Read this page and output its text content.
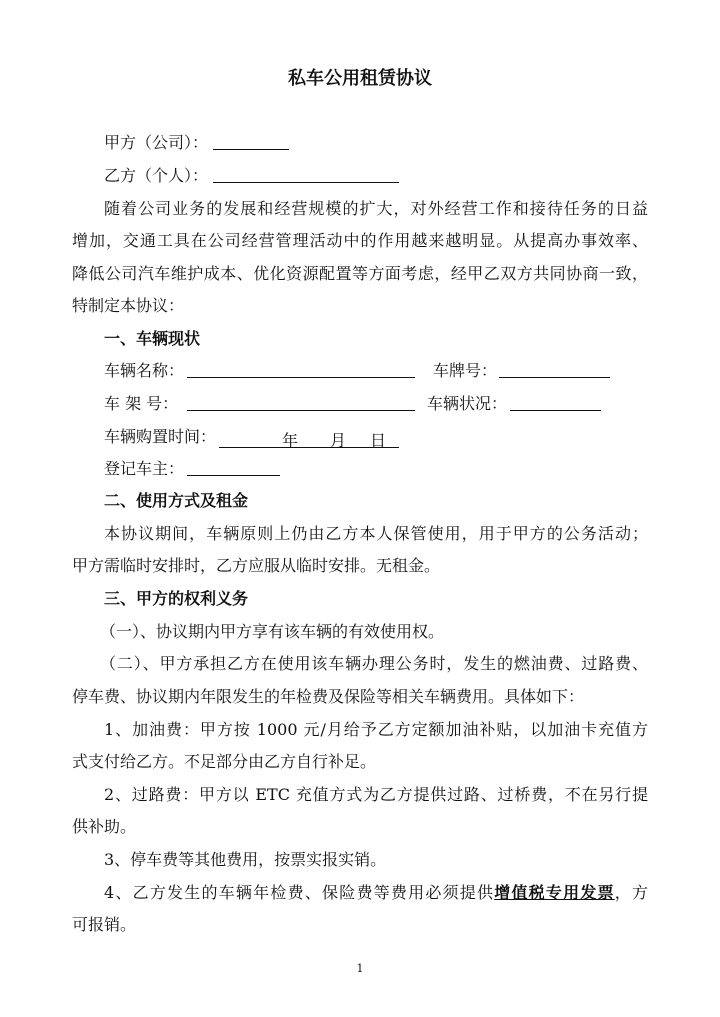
私车公用租赁协议
甲方（公司）：
乙方（个人）：
随着公司业务的发展和经营规模的扩大，对外经营工作和接待任务的日益
增加，交通工具在公司经营管理活动中的作用越来越明显。从提高办事效率、
降低公司汽车维护成本、优化资源配置等方面考虑，经甲乙双方共同协商一致，
特制定本协议：
一、车辆现状
车辆名称：	车牌号：
车 架 号：	车辆状况：
车辆购置时间：	年 月 日
登记车主：
二、使用方式及租金
本协议期间，车辆原则上仍由乙方本人保管使用，用于甲方的公务活动；
甲方需临时安排时，乙方应服从临时安排。无租金。
三、甲方的权利义务
（一）、协议期内甲方享有该车辆的有效使用权。
（二）、甲方承担乙方在使用该车辆办理公务时，发生的燃油费、过路费、
停车费、协议期内年限发生的年检费及保险等相关车辆费用。具体如下：
1、加油费：甲方按 1000 元/月给予乙方定额加油补贴，以加油卡充值方
式支付给乙方。不足部分由乙方自行补足。
2、过路费：甲方以 ETC 充值方式为乙方提供过路、过桥费，不在另行提
供补助。
3、停车费等其他费用，按票实报实销。
4、乙方发生的车辆年检费、保险费等费用必须提供增值税专用发票，方
可报销。
1
